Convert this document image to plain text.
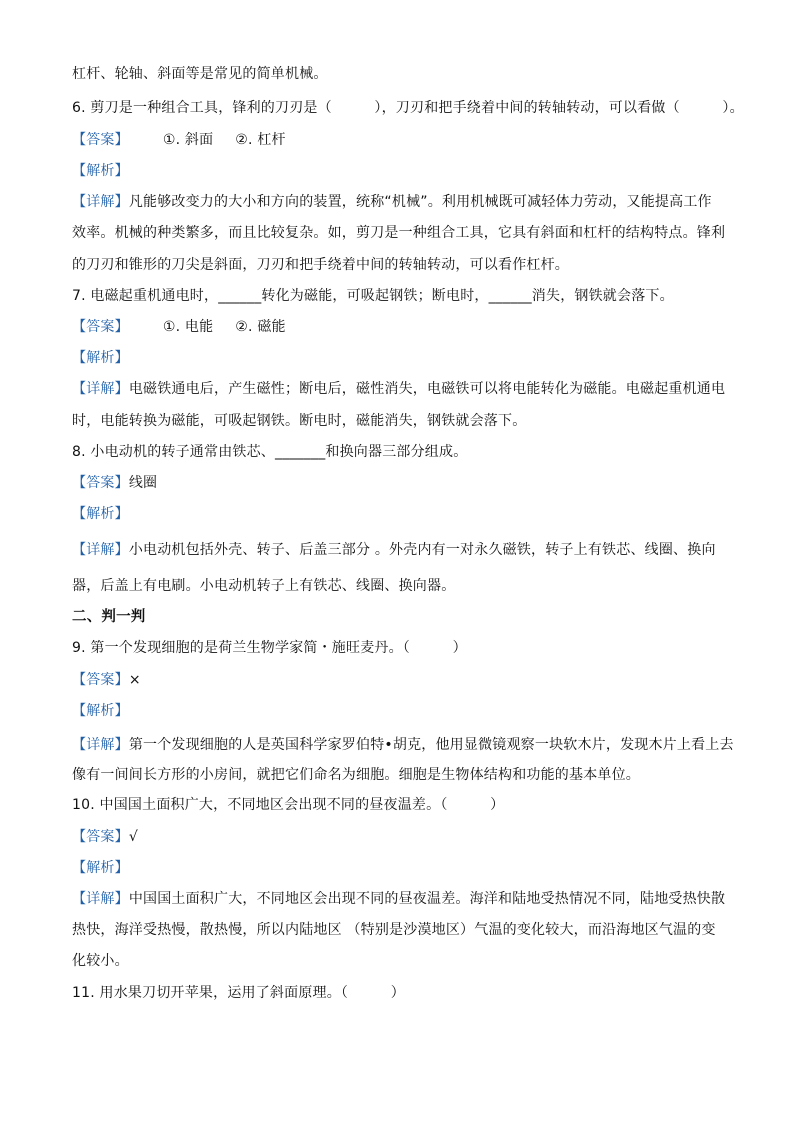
杠杆、轮轴、斜面等是常见的简单机械。
6. 剪刀是一种组合工具，锋利的刀刃是（　　　），刀刃和把手绕着中间的转轴转动，可以看做（　　　）。
【答案】 ①. 斜面 ②. 杠杆
【解析】
【详解】凡能够改变力的大小和方向的装置，统称“机械”。利用机械既可减轻体力劳动，又能提高工作
效率。机械的种类繁多，而且比较复杂。如，剪刀是一种组合工具，它具有斜面和杠杆的结构特点。锋利
的刀刃和锥形的刀尖是斜面，刀刃和把手绕着中间的转轴转动，可以看作杠杆。
7. 电磁起重机通电时，______转化为磁能，可吸起钢铁；断电时，______消失，钢铁就会落下。
【答案】 ①. 电能 ②. 磁能
【解析】
【详解】电磁铁通电后，产生磁性；断电后，磁性消失，电磁铁可以将电能转化为磁能。电磁起重机通电
时，电能转换为磁能，可吸起钢铁。断电时，磁能消失，钢铁就会落下。
8. 小电动机的转子通常由铁芯、_______和换向器三部分组成。
【答案】线圈
【解析】
【详解】小电动机包括外壳、转子、后盖三部分 。外壳内有一对永久磁铁，转子上有铁芯、线圈、换向
器，后盖上有电刷。小电动机转子上有铁芯、线圈、换向器。
二、判一判
9. 第一个发现细胞的是荷兰生物学家简・施旺麦丹。（　　　）
【答案】×
【解析】
【详解】第一个发现细胞的人是英国科学家罗伯特•胡克，他用显微镜观察一块软木片，发现木片上看上去
像有一间间长方形的小房间，就把它们命名为细胞。细胞是生物体结构和功能的基本单位。
10. 中国国土面积广大，不同地区会出现不同的昼夜温差。（　　　）
【答案】√
【解析】
【详解】中国国土面积广大，不同地区会出现不同的昼夜温差。海洋和陆地受热情况不同，陆地受热快散
热快，海洋受热慢，散热慢，所以内陆地区 （特别是沙漠地区）气温的变化较大，而沿海地区气温的变
化较小。
11. 用水果刀切开苹果，运用了斜面原理。（　　　）
